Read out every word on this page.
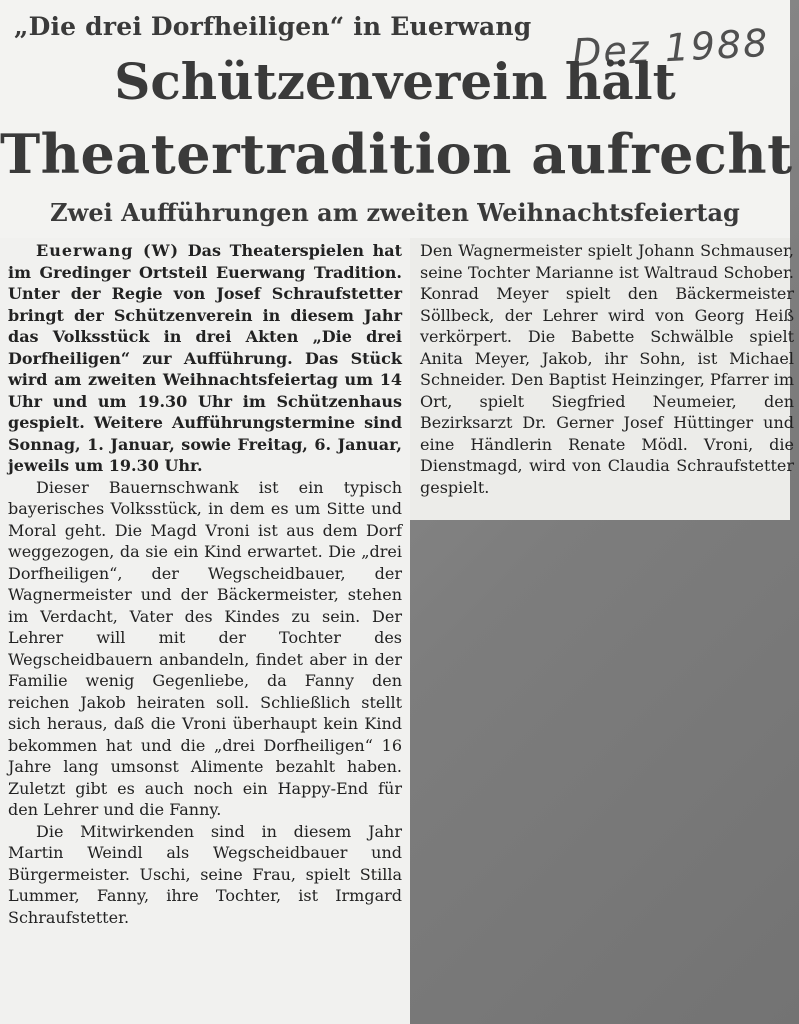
„Die drei Dorfheiligen“ in Euerwang Dez 1988
Schützenverein hält
Theatertradition aufrecht
Zwei Aufführungen am zweiten Weihnachtsfeiertag

Euerwang (W) Das Theaterspielen hat im Gredinger Ortsteil Euerwang Tradition. Unter der Regie von Josef Schraufstetter bringt der Schützenverein in diesem Jahr das Volksstück in drei Akten „Die drei Dorfheiligen“ zur Aufführung. Das Stück wird am zweiten Weihnachtsfeiertag um 14 Uhr und um 19.30 Uhr im Schützenhaus gespielt. Weitere Aufführungstermine sind Sonnag, 1. Januar, sowie Freitag, 6. Januar, jeweils um 19.30 Uhr.

Dieser Bauernschwank ist ein typisch bayerisches Volksstück, in dem es um Sitte und Moral geht. Die Magd Vroni ist aus dem Dorf weggezogen, da sie ein Kind erwartet. Die „drei Dorfheiligen“, der Wegscheidbauer, der Wagnermeister und der Bäckermeister, stehen im Verdacht, Vater des Kindes zu sein. Der Lehrer will mit der Tochter des Wegscheidbauern anbandeln, findet aber in der Familie wenig Gegenliebe, da Fanny den reichen Jakob heiraten soll. Schließlich stellt sich heraus, daß die Vroni überhaupt kein Kind bekommen hat und die „drei Dorfheiligen“ 16 Jahre lang umsonst Alimente bezahlt haben. Zuletzt gibt es auch noch ein Happy-End für den Lehrer und die Fanny.

Die Mitwirkenden sind in diesem Jahr Martin Weindl als Wegscheidbauer und Bürgermeister. Uschi, seine Frau, spielt Stilla Lummer, Fanny, ihre Tochter, ist Irmgard Schraufstetter.

Den Wagnermeister spielt Johann Schmauser, seine Tochter Marianne ist Waltraud Schober. Konrad Meyer spielt den Bäckermeister Söllbeck, der Lehrer wird von Georg Heiß verkörpert. Die Babette Schwälble spielt Anita Meyer, Jakob, ihr Sohn, ist Michael Schneider. Den Baptist Heinzinger, Pfarrer im Ort, spielt Siegfried Neumeier, den Bezirksarzt Dr. Gerner Josef Hüttinger und eine Händlerin Renate Mödl. Vroni, die Dienstmagd, wird von Claudia Schraufstetter gespielt.
